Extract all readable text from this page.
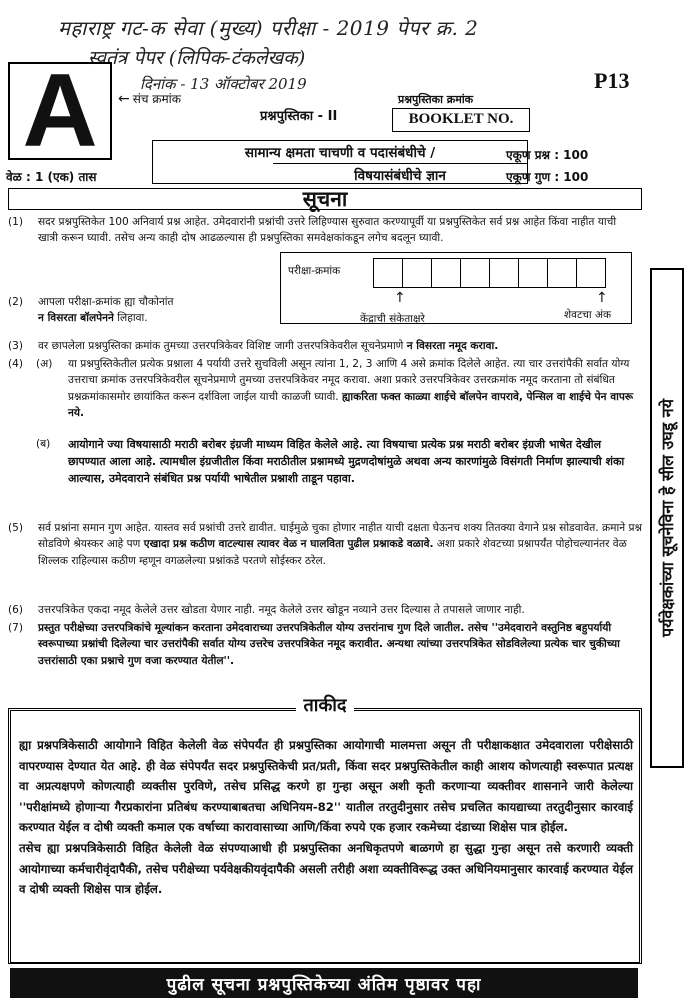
महाराष्ट्र गट-क सेवा (मुख्य) परीक्षा - 2019 पेपर क्र. 2
स्वतंत्र पेपर (लिपिक-टंकलेखक)
दिनांक - 13 ऑक्टोबर 2019
A ← संच क्रमांक
P13
प्रश्नपुस्तिका - II
प्रश्नपुस्तिका क्रमांक
BOOKLET NO.
सामान्य क्षमता चाचणी व पदासंबंधीचे /
विषयासंबंधीचे ज्ञान
वेळ : 1 (एक) तास
एकूण प्रश्न : 100
एकूण गुण : 100
सूचना
परीक्षा-क्रमांक
↑	↑
केंद्राची संकेताक्षरे	शेवटचा अंक
(1) सदर प्रश्नपुस्तिकेत 100 अनिवार्य प्रश्न आहेत. उमेदवारांनी प्रश्नांची उत्तरे लिहिण्यास सुरुवात करण्यापूर्वी या प्रश्नपुस्तिकेत सर्व प्रश्न आहेत किंवा नाहीत याची खात्री करून घ्यावी. तसेच अन्य काही दोष आढळल्यास ही प्रश्नपुस्तिका समवेक्षकांकडून लगेच बदलून घ्यावी.
(2) आपला परीक्षा-क्रमांक ह्या चौकोनांत
न विसरता बॉलपेनने लिहावा.
(3) वर छापलेला प्रश्नपुस्तिका क्रमांक तुमच्या उत्तरपत्रिकेवर विशिष्ट जागी उत्तरपत्रिकेवरील सूचनेप्रमाणे न विसरता नमूद करावा.
(4) (अ) या प्रश्नपुस्तिकेतील प्रत्येक प्रश्नाला 4 पर्यायी उत्तरे सुचविली असून त्यांना 1, 2, 3 आणि 4 असे क्रमांक दिलेले आहेत. त्या चार उत्तरांपैकी सर्वात योग्य उत्तराचा क्रमांक उत्तरपत्रिकेवरील सूचनेप्रमाणे तुमच्या उत्तरपत्रिकेवर नमूद करावा. अशा प्रकारे उत्तरपत्रिकेवर उत्तरक्रमांक नमूद करताना तो संबंधित प्रश्नक्रमांकासमोर छायांकित करून दर्शविला जाईल याची काळजी घ्यावी. ह्याकरिता फक्त काळ्या शाईचे बॉलपेन वापरावे, पेन्सिल वा शाईचे पेन वापरू नये.
(ब) आयोगाने ज्या विषयासाठी मराठी बरोबर इंग्रजी माध्यम विहित केलेले आहे. त्या विषयाचा प्रत्येक प्रश्न मराठी बरोबर इंग्रजी भाषेत देखील छापण्यात आला आहे. त्यामधील इंग्रजीतील किंवा मराठीतील प्रश्नामध्ये मुद्रणदोषांमुळे अथवा अन्य कारणांमुळे विसंगती निर्माण झाल्याची शंका आल्यास, उमेदवाराने संबंधित प्रश्न पर्यायी भाषेतील प्रश्नाशी ताडून पहावा.
(5) सर्व प्रश्नांना समान गुण आहेत. यास्तव सर्व प्रश्नांची उत्तरे द्यावीत. घाईमुळे चुका होणार नाहीत याची दक्षता घेऊनच शक्य तितक्या वेगाने प्रश्न सोडवावेत. क्रमाने प्रश्न सोडविणे श्रेयस्कर आहे पण एखादा प्रश्न कठीण वाटल्यास त्यावर वेळ न घालविता पुढील प्रश्नाकडे वळावे. अशा प्रकारे शेवटच्या प्रश्नापर्यंत पोहोचल्यानंतर वेळ शिल्लक राहिल्यास कठीण म्हणून वगळलेल्या प्रश्नांकडे परतणे सोईस्कर ठरेल.
(6) उत्तरपत्रिकेत एकदा नमूद केलेले उत्तर खोडता येणार नाही. नमूद केलेले उत्तर खोडून नव्याने उत्तर दिल्यास ते तपासले जाणार नाही.
(7) प्रस्तुत परीक्षेच्या उत्तरपत्रिकांचे मूल्यांकन करताना उमेदवाराच्या उत्तरपत्रिकेतील योग्य उत्तरांनाच गुण दिले जातील. तसेच ''उमेदवाराने वस्तुनिष्ठ बहुपर्यायी स्वरूपाच्या प्रश्नांची दिलेल्या चार उत्तरांपैकी सर्वात योग्य उत्तरेच उत्तरपत्रिकेत नमूद करावीत. अन्यथा त्यांच्या उत्तरपत्रिकेत सोडविलेल्या प्रत्येक चार चुकीच्या उत्तरांसाठी एका प्रश्नाचे गुण वजा करण्यात येतील''.
पर्यवेक्षकांच्या सूचनेविना हे सील उघडू नये
ताकीद
ह्या प्रश्नपत्रिकेसाठी आयोगाने विहित केलेली वेळ संपेपर्यंत ही प्रश्नपुस्तिका आयोगाची मालमत्ता असून ती परीक्षाकक्षात उमेदवाराला परीक्षेसाठी वापरण्यास देण्यात येत आहे. ही वेळ संपेपर्यंत सदर प्रश्नपुस्तिकेची प्रत/प्रती, किंवा सदर प्रश्नपुस्तिकेतील काही आशय कोणत्याही स्वरूपात प्रत्यक्ष वा अप्रत्यक्षपणे कोणत्याही व्यक्तीस पुरविणे, तसेच प्रसिद्ध करणे हा गुन्हा असून अशी कृती करणाऱ्या व्यक्तीवर शासनाने जारी केलेल्या ''परीक्षांमध्ये होणाऱ्या गैरप्रकारांना प्रतिबंध करण्याबाबतचा अधिनियम-82'' यातील तरतुदीनुसार तसेच प्रचलित कायद्याच्या तरतुदीनुसार कारवाई करण्यात येईल व दोषी व्यक्ती कमाल एक वर्षाच्या कारावासाच्या आणि/किंवा रुपये एक हजार रकमेच्या दंडाच्या शिक्षेस पात्र होईल.
तसेच ह्या प्रश्नपत्रिकेसाठी विहित केलेली वेळ संपण्याआधी ही प्रश्नपुस्तिका अनधिकृतपणे बाळगणे हा सुद्धा गुन्हा असून तसे करणारी व्यक्ती आयोगाच्या कर्मचारीवृंदापैकी, तसेच परीक्षेच्या पर्यवेक्षकीयवृंदापैकी असली तरीही अशा व्यक्तीविरूद्ध उक्त अधिनियमानुसार कारवाई करण्यात येईल व दोषी व्यक्ती शिक्षेस पात्र होईल.
पुढील सूचना प्रश्नपुस्तिकेच्या अंतिम पृष्ठावर पहा
